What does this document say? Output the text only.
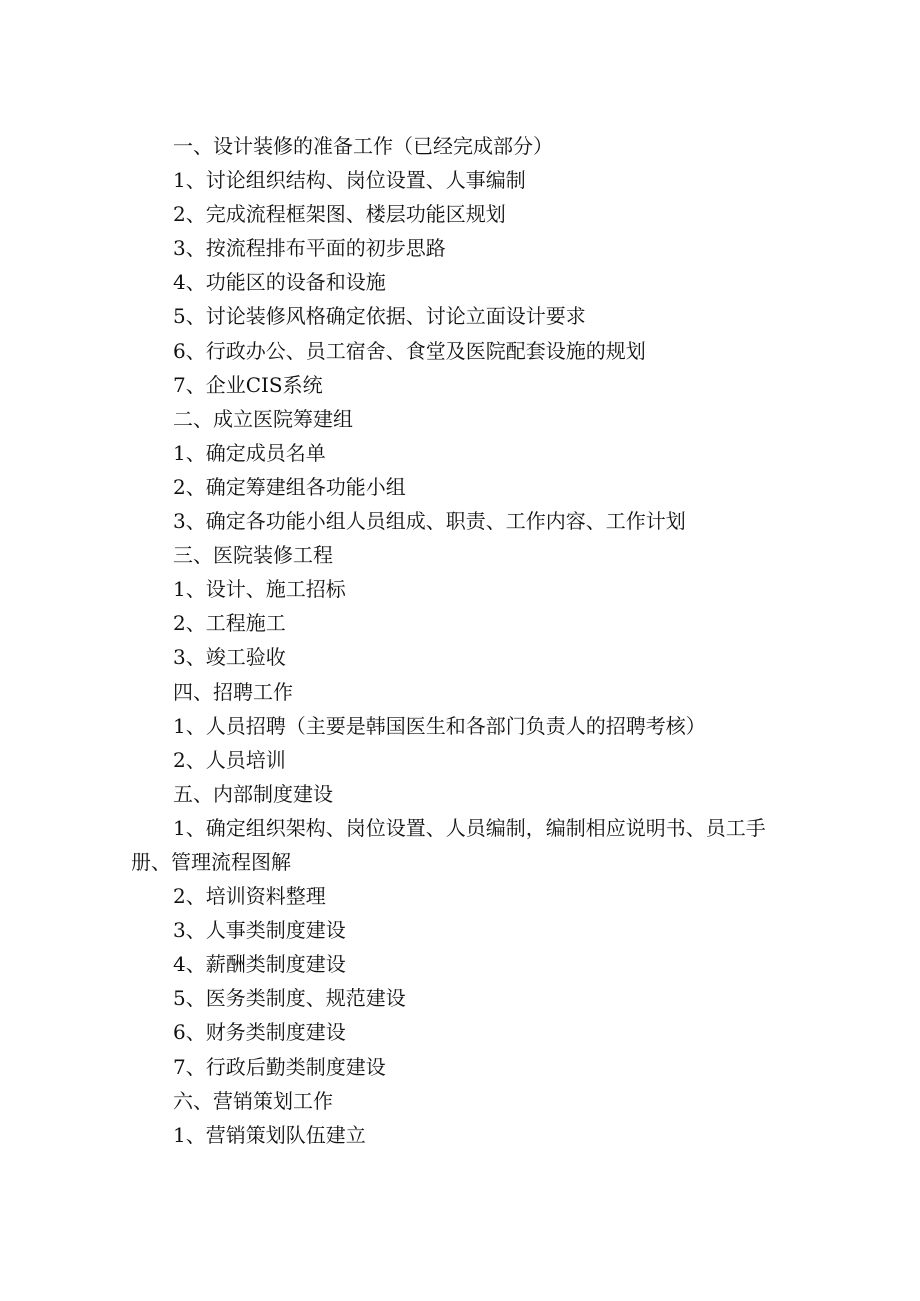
一、设计装修的准备工作（已经完成部分）

1、讨论组织结构、岗位设置、人事编制

2、完成流程框架图、楼层功能区规划

3、按流程排布平面的初步思路

4、功能区的设备和设施

5、讨论装修风格确定依据、讨论立面设计要求

6、行政办公、员工宿舍、食堂及医院配套设施的规划

7、企业CIS系统

二、成立医院筹建组

1、确定成员名单

2、确定筹建组各功能小组

3、确定各功能小组人员组成、职责、工作内容、工作计划

三、医院装修工程

1、设计、施工招标

2、工程施工

3、竣工验收

四、招聘工作

1、人员招聘（主要是韩国医生和各部门负责人的招聘考核）

2、人员培训

五、内部制度建设

1、确定组织架构、岗位设置、人员编制，编制相应说明书、员工手册、管理流程图解

2、培训资料整理

3、人事类制度建设

4、薪酬类制度建设

5、医务类制度、规范建设

6、财务类制度建设

7、行政后勤类制度建设

六、营销策划工作

1、营销策划队伍建立
